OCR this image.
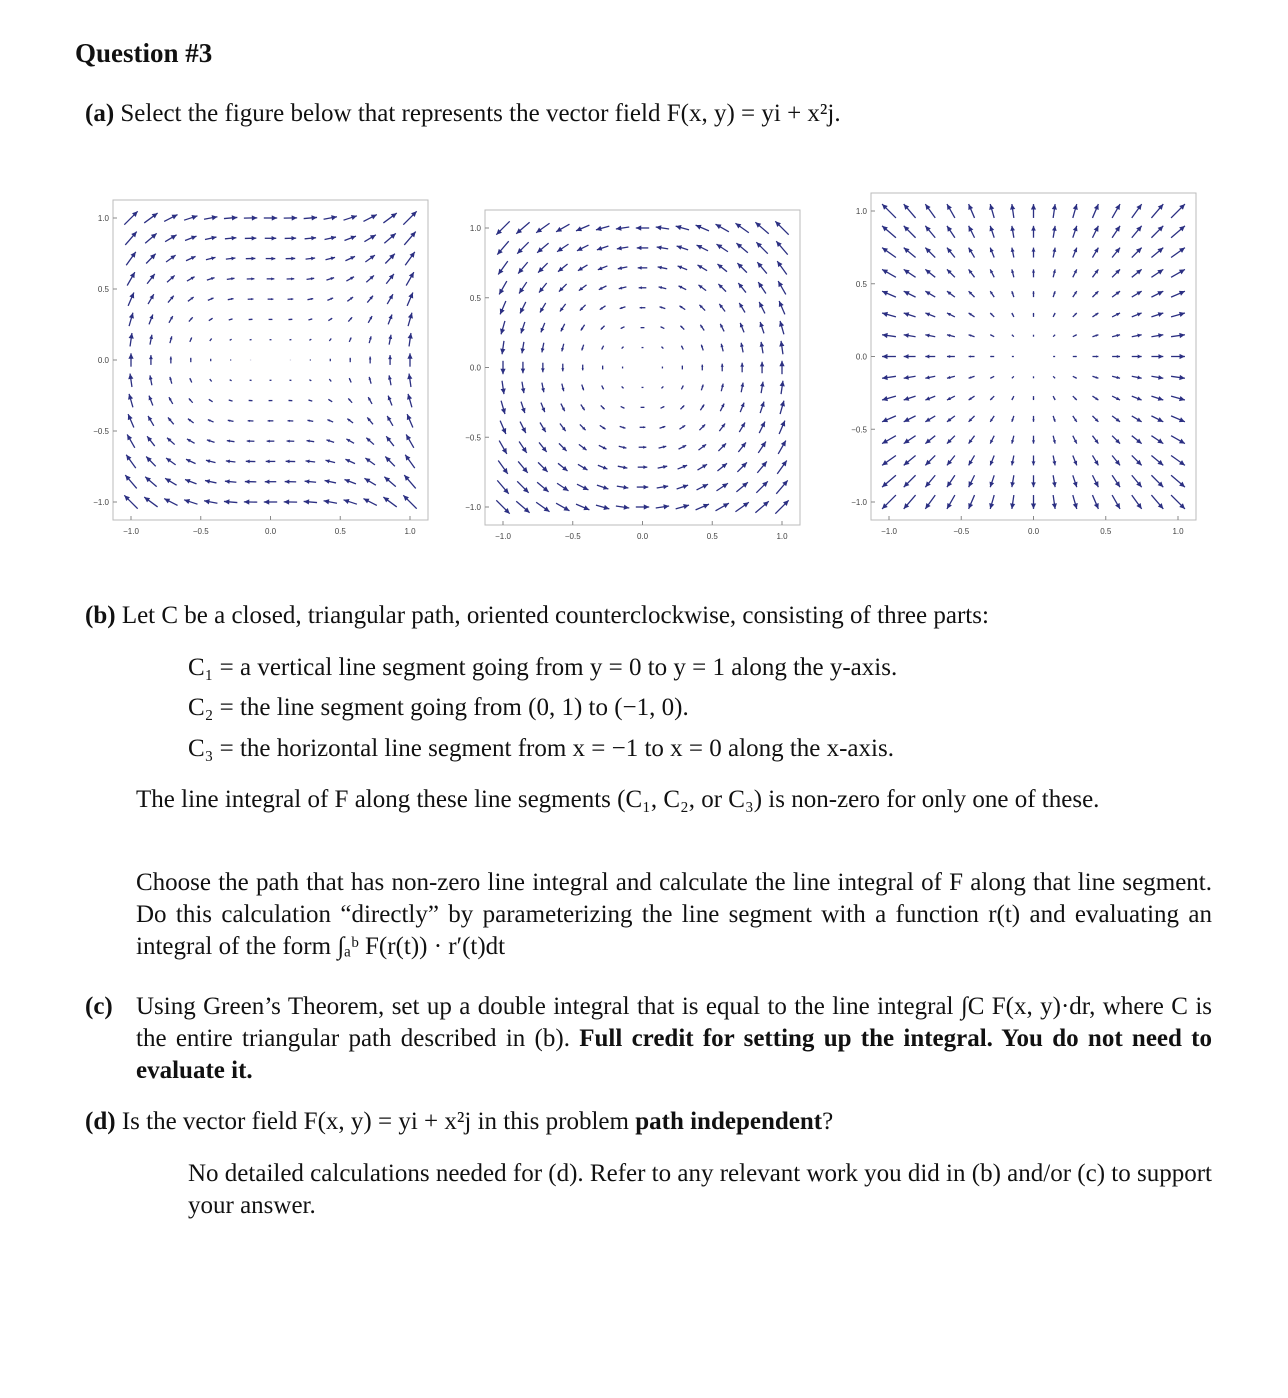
Question #3
(a) Select the figure below that represents the vector field F(x, y) = yi + x²j.
−1.0
−1.0
−0.5
−0.5
0.0
0.0
0.5
0.5
1.0
1.0
−1.0
−1.0
−0.5
−0.5
0.0
0.0
0.5
0.5
1.0
1.0
−1.0
−1.0
−0.5
−0.5
0.0
0.0
0.5
0.5
1.0
1.0
(b) Let C be a closed, triangular path, oriented counterclockwise, consisting of three parts:
C₁ = a vertical line segment going from y = 0 to y = 1 along the y-axis.
C₂ = the line segment going from (0, 1) to (−1, 0).
C₃ = the horizontal line segment from x = −1 to x = 0 along the x-axis.
The line integral of F along these line segments (C₁, C₂, or C₃) is non-zero for only one of these.
Choose the path that has non-zero line integral and calculate the line integral of F along that line segment. Do this calculation “directly” by parameterizing the line segment with a function r(t) and evaluating an integral of the form ∫ₐᵇ F(r(t)) · r′(t)dt
(c) Using Green’s Theorem, set up a double integral that is equal to the line integral ∫C F(x, y)·dr, where C is the entire triangular path described in (b). Full credit for setting up the integral. You do not need to evaluate it.
(d) Is the vector field F(x, y) = yi + x²j in this problem path independent?
No detailed calculations needed for (d). Refer to any relevant work you did in (b) and/or (c) to support your answer.
